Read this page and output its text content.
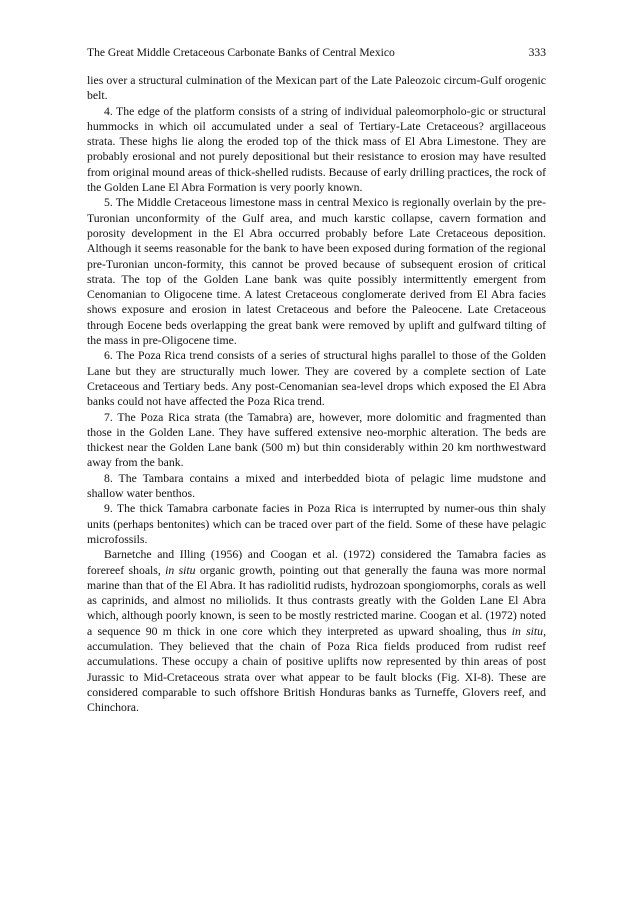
The Great Middle Cretaceous Carbonate Banks of Central Mexico	333

lies over a structural culmination of the Mexican part of the Late Paleozoic circum-Gulf orogenic belt.

4. The edge of the platform consists of a string of individual paleomorpholo-gic or structural hummocks in which oil accumulated under a seal of Tertiary-Late Cretaceous? argillaceous strata. These highs lie along the eroded top of the thick mass of El Abra Limestone. They are probably erosional and not purely depositional but their resistance to erosion may have resulted from original mound areas of thick-shelled rudists. Because of early drilling practices, the rock of the Golden Lane El Abra Formation is very poorly known.

5. The Middle Cretaceous limestone mass in central Mexico is regionally overlain by the pre-Turonian unconformity of the Gulf area, and much karstic collapse, cavern formation and porosity development in the El Abra occurred probably before Late Cretaceous deposition. Although it seems reasonable for the bank to have been exposed during formation of the regional pre-Turonian uncon-formity, this cannot be proved because of subsequent erosion of critical strata. The top of the Golden Lane bank was quite possibly intermittently emergent from Cenomanian to Oligocene time. A latest Cretaceous conglomerate derived from El Abra facies shows exposure and erosion in latest Cretaceous and before the Paleocene. Late Cretaceous through Eocene beds overlapping the great bank were removed by uplift and gulfward tilting of the mass in pre-Oligocene time.

6. The Poza Rica trend consists of a series of structural highs parallel to those of the Golden Lane but they are structurally much lower. They are covered by a complete section of Late Cretaceous and Tertiary beds. Any post-Cenomanian sea-level drops which exposed the El Abra banks could not have affected the Poza Rica trend.

7. The Poza Rica strata (the Tamabra) are, however, more dolomitic and fragmented than those in the Golden Lane. They have suffered extensive neo-morphic alteration. The beds are thickest near the Golden Lane bank (500 m) but thin considerably within 20 km northwestward away from the bank.

8. The Tambara contains a mixed and interbedded biota of pelagic lime mudstone and shallow water benthos.

9. The thick Tamabra carbonate facies in Poza Rica is interrupted by numer-ous thin shaly units (perhaps bentonites) which can be traced over part of the field. Some of these have pelagic microfossils.

Barnetche and Illing (1956) and Coogan et al. (1972) considered the Tamabra facies as forereef shoals, in situ organic growth, pointing out that generally the fauna was more normal marine than that of the El Abra. It has radiolitid rudists, hydrozoan spongiomorphs, corals as well as caprinids, and almost no miliolids. It thus contrasts greatly with the Golden Lane El Abra which, although poorly known, is seen to be mostly restricted marine. Coogan et al. (1972) noted a sequence 90 m thick in one core which they interpreted as upward shoaling, thus in situ, accumulation. They believed that the chain of Poza Rica fields produced from rudist reef accumulations. These occupy a chain of positive uplifts now represented by thin areas of post Jurassic to Mid-Cretaceous strata over what appear to be fault blocks (Fig. XI-8). These are considered comparable to such offshore British Honduras banks as Turneffe, Glovers reef, and Chinchora.
